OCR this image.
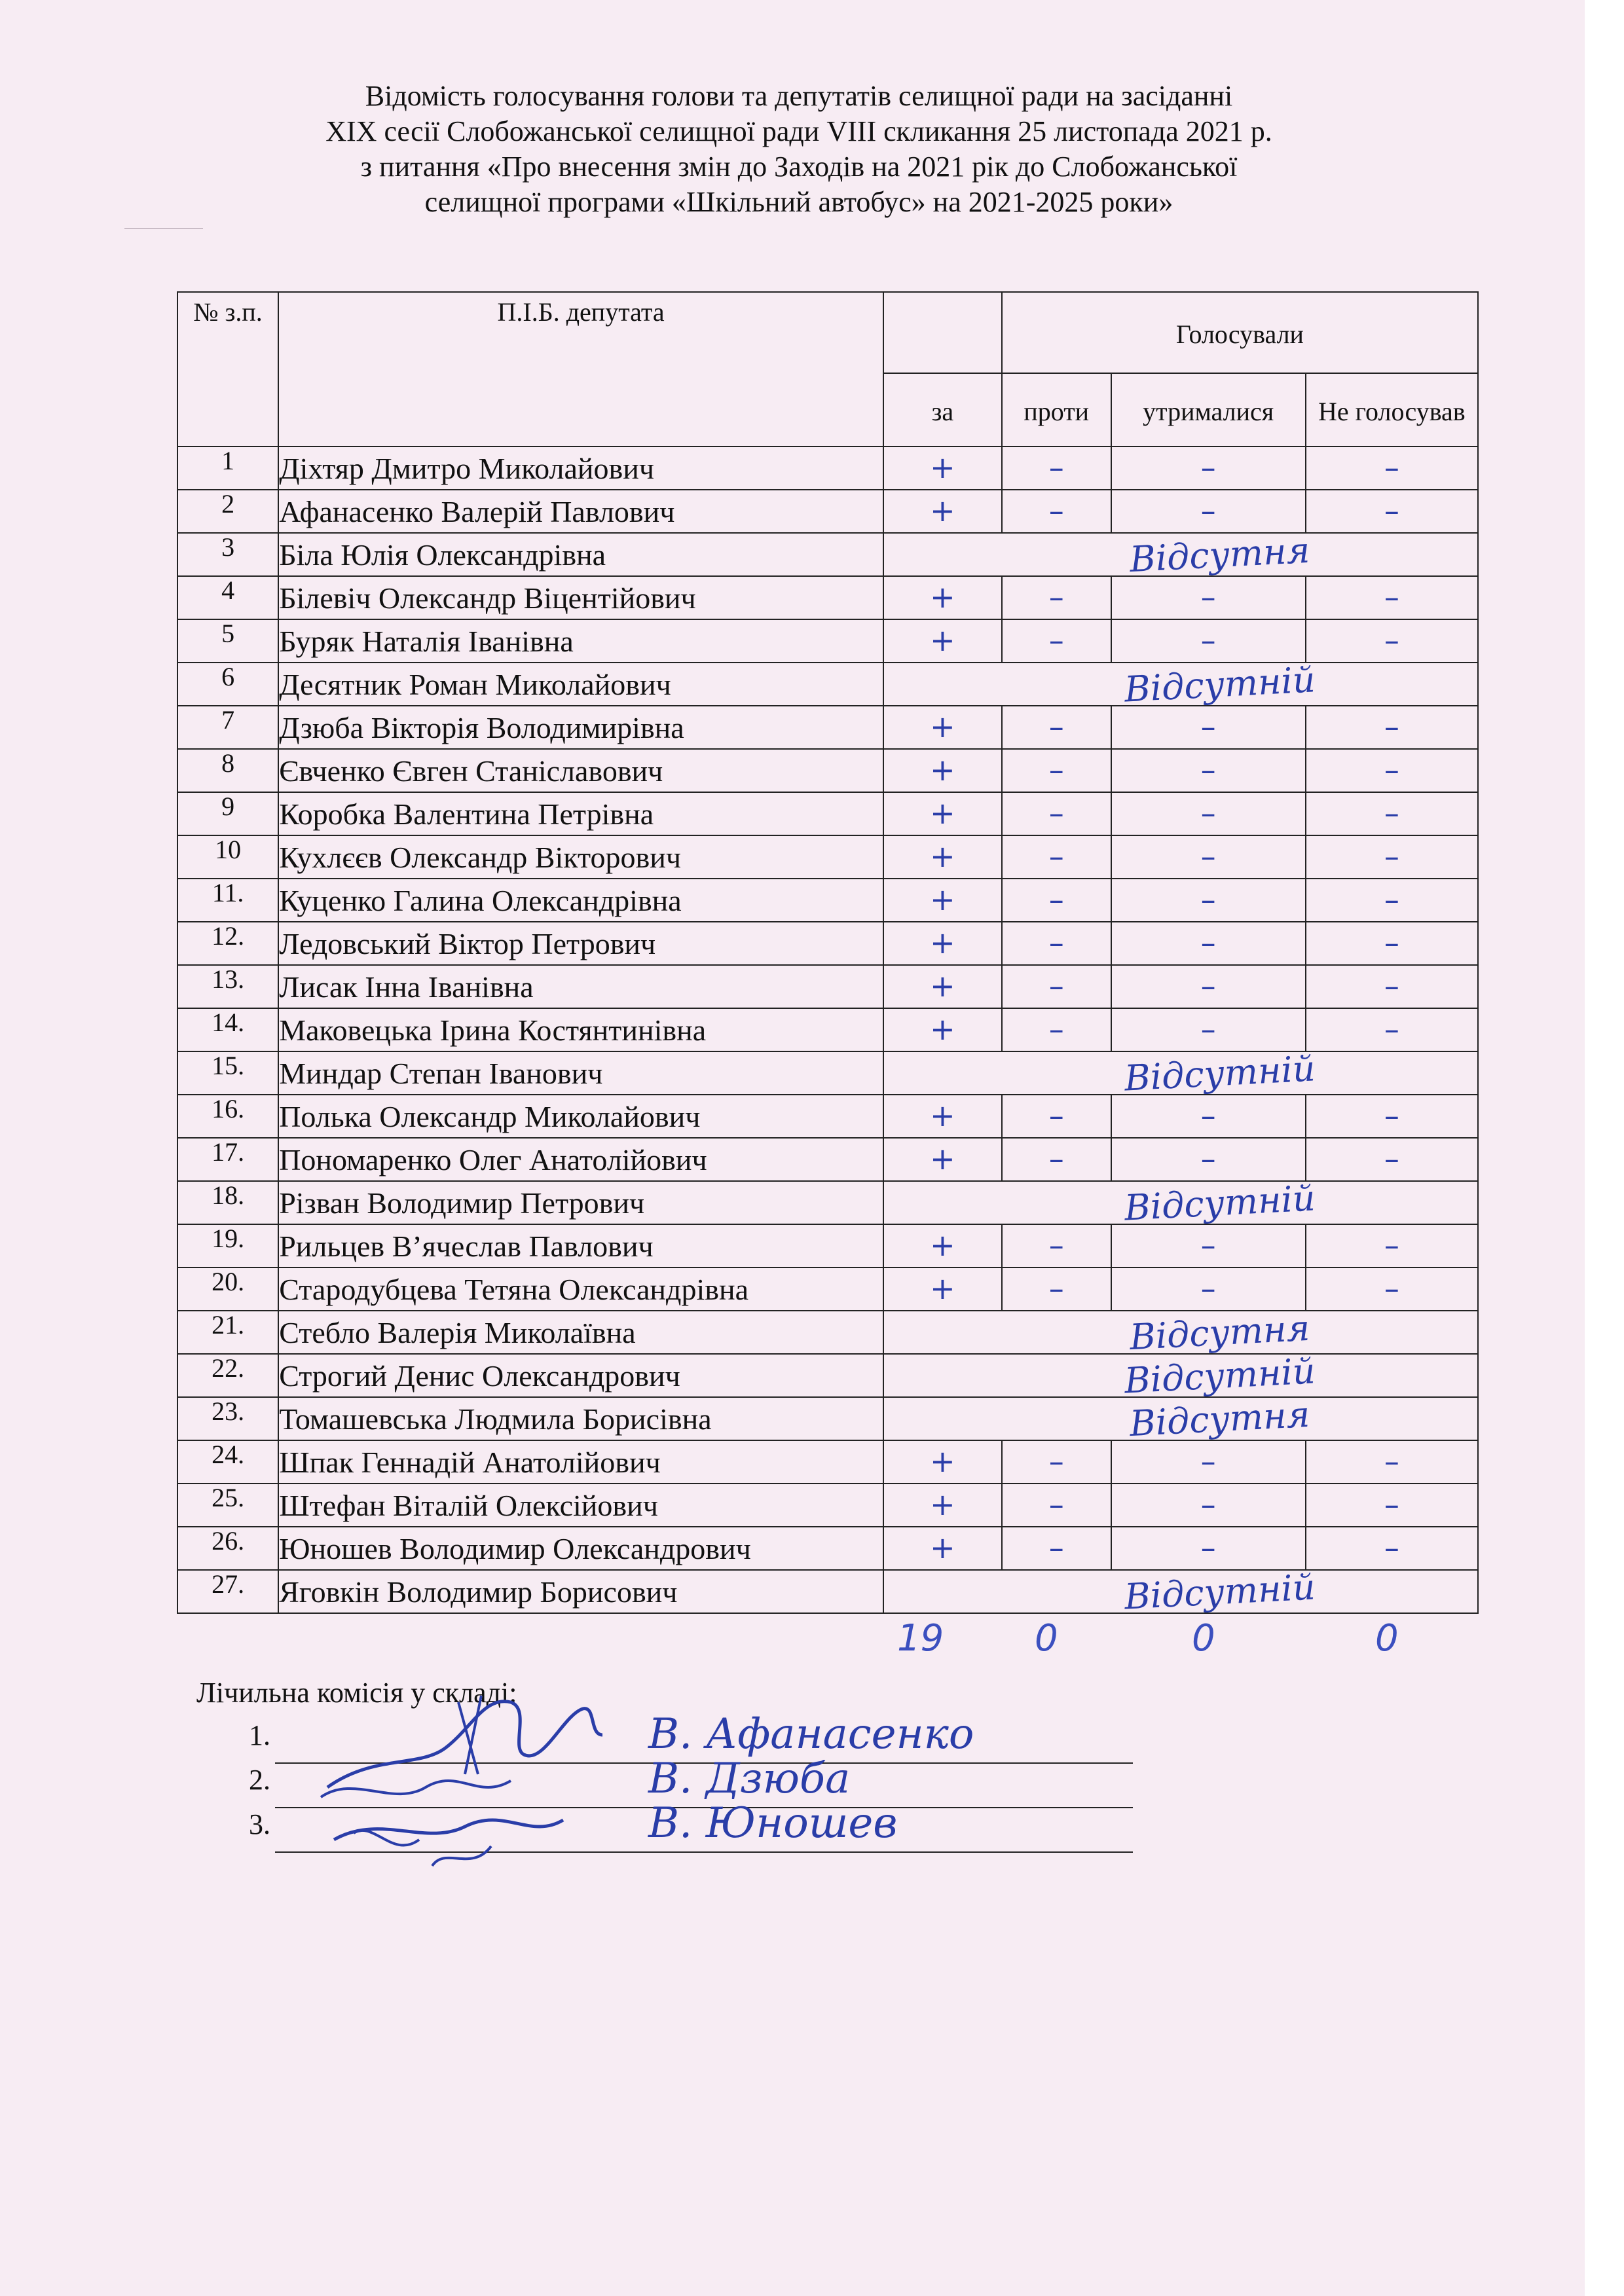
Відомість голосування голови та депутатів селищної ради на засіданні
XIX сесії Слобожанської селищної ради VIII скликання 25 листопада 2021 р.
з питання «Про внесення змін до Заходів на 2021 рік до Слобожанської
селищної програми «Шкільний автобус» на 2021-2025 роки»
№ з.п.	П.І.Б. депутата		Голосували		
		за	проти	утрималися	Не голосував
1	Діхтяр Дмитро Миколайович	+	–	–	–
2	Афанасенко Валерій Павлович	+	–	–	–
3	Біла Юлія Олександрівна	Відсутня			
4	Білевіч Олександр Віцентійович	+	–	–	–
5	Буряк Наталія Іванівна	+	–	–	–
6	Десятник Роман Миколайович	Відсутній			
7	Дзюба Вікторія Володимирівна	+	–	–	–
8	Євченко Євген Станіславович	+	–	–	–
9	Коробка Валентина Петрівна	+	–	–	–
10	Кухлєєв Олександр Вікторович	+	–	–	–
11.	Куценко Галина Олександрівна	+	–	–	–
12.	Ледовський Віктор Петрович	+	–	–	–
13.	Лисак Інна Іванівна	+	–	–	–
14.	Маковецька Ірина Костянтинівна	+	–	–	–
15.	Миндар Степан Іванович	Відсутній			
16.	Полька Олександр Миколайович	+	–	–	–
17.	Пономаренко Олег Анатолійович	+	–	–	–
18.	Різван Володимир Петрович	Відсутній			
19.	Рильцев В’ячеслав Павлович	+	–	–	–
20.	Стародубцева Тетяна Олександрівна	+	–	–	–
21.	Стебло Валерія Миколаївна	Відсутня			
22.	Строгий Денис Олександрович	Відсутній			
23.	Томашевська Людмила Борисівна	Відсутня			
24.	Шпак Геннадій Анатолійович	+	–	–	–
25.	Штефан Віталій Олексійович	+	–	–	–
26.	Юношев Володимир Олександрович	+	–	–	–
27.	Яговкін Володимир Борисович	Відсутній			
19 0	0	0
Лічильна комісія у складі:
1.	В. Афанасенко
2.	В. Дзюба
3.	В. Юношев
